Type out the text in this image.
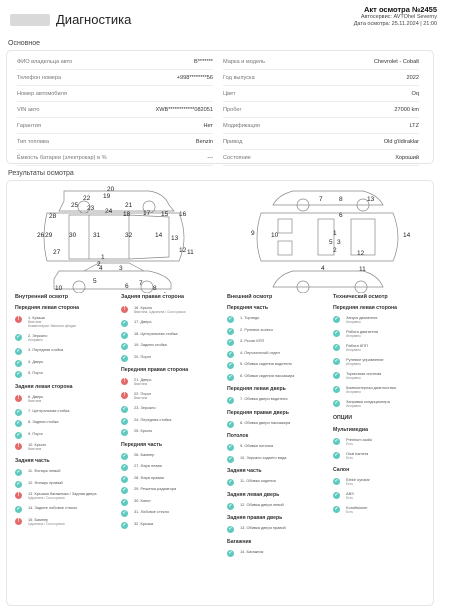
Диагностика
Акт осмотра №2455
Автосервис: AVTOhel Severny
Дата осмотра: 25.11.2024 | 21:00
Основное
ФИО владельца авто	B*******
Телефон номера	+998********56
Номер автомобиля
VIN авто	XWB************082051
Гарантия	Нет
Тип топлива	Benzin
Ёмкость батареи (электрокар) в %	---
Марка и модель	Chevrolet - Cobalt
Год выпуска	2022
Цвет	Oq
Пробег	27000 km
Модификация	LTZ
Привод	Old g'ildiraklar
Состояние	Хороший
Результаты осмотра
20
19
22
21
25 23 24 18 17 15 16
28
26 29	30	31	32	14 13
27	12 11
1
2
3
4
5
6 7
8
10
7	8	13
6
14
9	10	1
5 3
2	12
4	11
Внутренний осмотр
Передняя левая сторона
!	1. Крыша
Вмятина
Комментарии: Mвятина qilingan
✓	2. Зеркало
Исправно
✓	3. Передняя стойка
✓	4. Дверь
✓	5. Порог
Задняя левая сторона
!	6. Дверь
Вмятина
✓	7. Центральная стойка
✓	8. Задняя стойка
✓	9. Порог
!	10. Крыло
Вмятина
Задняя часть
✓	11. Фонарь левый
✓	12. Фонарь правый
!	13. Крышка багажника / Задняя дверь
Царапина / Скол краски
✓	14. Заднее лобовое стекло
!	15. Бампер
Царапина / Скол краски
Задняя правая сторона
!	16. Крыло
Вмятина, Царапина / Скол краски
✓	17. Дверь
✓	18. Центральная стойка
✓	19. Задняя стойка
✓	20. Порог
Передняя правая сторона
!	21. Дверь
Вмятина
!	22. Порог
Вмятина
✓	23. Зеркало
✓	24. Передняя стойка
✓	25. Крыло
Передняя часть
✓	26. Бампер
✓	27. Фара левая
✓	28. Фара правая
✓	29. Решетка радиатора
✓	30. Капот
✓	31. Лобовое стекло
✓	32. Крыша
Внешний осмотр
Передняя часть
✓	1. Торпедо
✓	2. Рулевое колесо
✓	3. Рычаг КПП
✓	4. Перчаточный отдел
✓	5. Обивка сидения водителя
✓	6. Обивка сидения пассажира
Передняя левая дверь
✓	7. Обивка двери водителя
Передняя правая дверь
✓	8. Обивка двери пассажира
Потолок
✓	9. Обивка потолка
✓	10. Зеркало заднего вида
Задняя часть
✓	11. Обивка сидения
Задняя левая дверь
✓	12. Обивка двери левой
Задняя правая дверь
✓	13. Обивка двери правой
Багажник
✓	14. Багажник
Технический осмотр
Передняя левая сторона
✓	Запуск двигателя
Исправно
✓	Работа двигателя
Исправно
✓	Работа КПП
Исправно
✓	Рулевое управление
Исправно
✓	Тормозная система
Исправно
✓	Компьютерная диагностика
Исправно
✓	Заправка кондиционера
Исправно
ОПЦИИ
Мультимедиа
✓	Premium audio
Есть
✓	Onal kamera
Есть
Салон
✓	Elektr oynalar
Есть
✓	ABS
Есть
✓	Konditsioner
Есть
